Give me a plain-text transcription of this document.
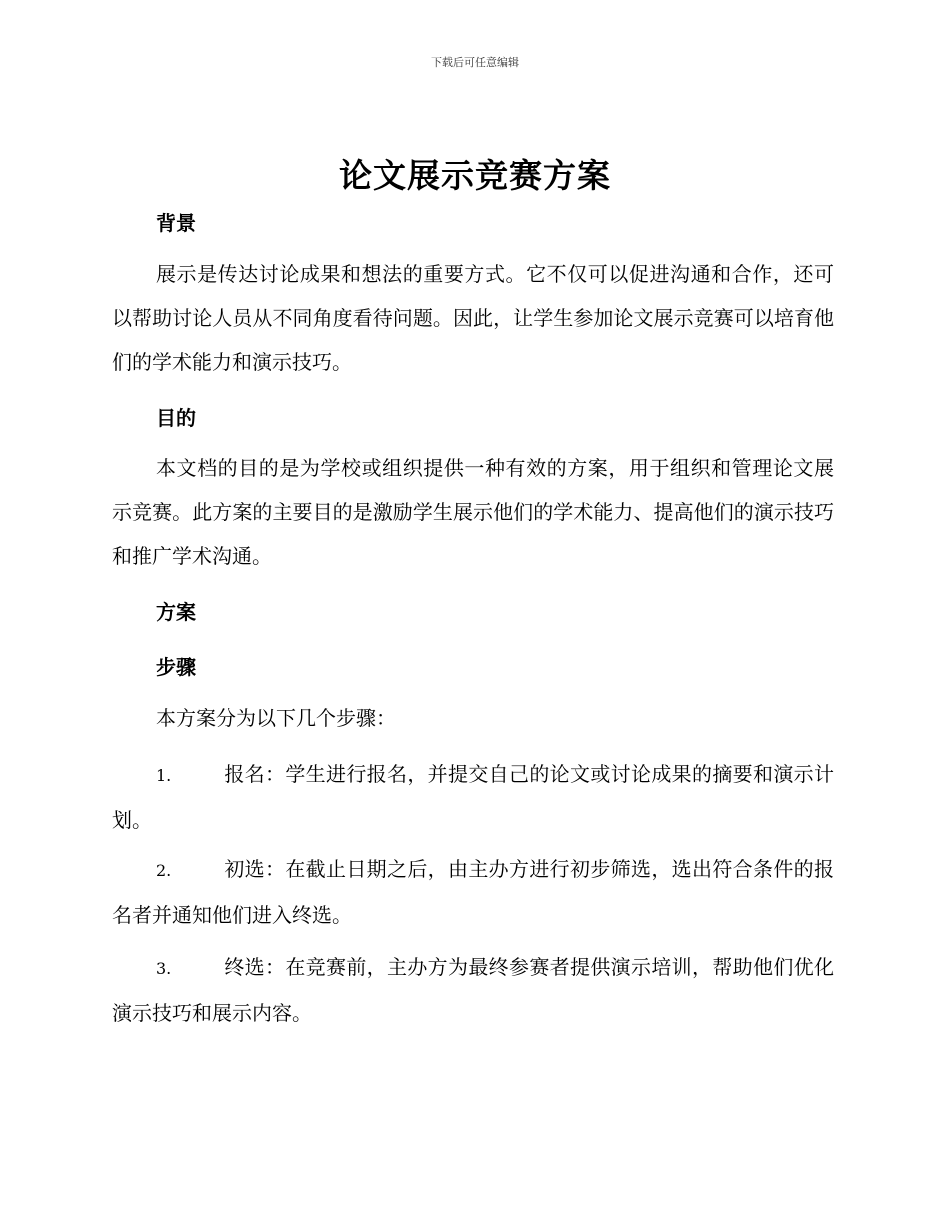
下载后可任意编辑
论文展示竞赛方案
背景

展示是传达讨论成果和想法的重要方式。它不仅可以促进沟通和合作，还可以帮助讨论人员从不同角度看待问题。因此，让学生参加论文展示竞赛可以培育他们的学术能力和演示技巧。

目的

本文档的目的是为学校或组织提供一种有效的方案，用于组织和管理论文展示竞赛。此方案的主要目的是激励学生展示他们的学术能力、提高他们的演示技巧和推广学术沟通。

方案
步骤

本方案分为以下几个步骤：

1.	报名：学生进行报名，并提交自己的论文或讨论成果的摘要和演示计划。

2.	初选：在截止日期之后，由主办方进行初步筛选，选出符合条件的报名者并通知他们进入终选。

3.	终选：在竞赛前，主办方为最终参赛者提供演示培训，帮助他们优化演示技巧和展示内容。
